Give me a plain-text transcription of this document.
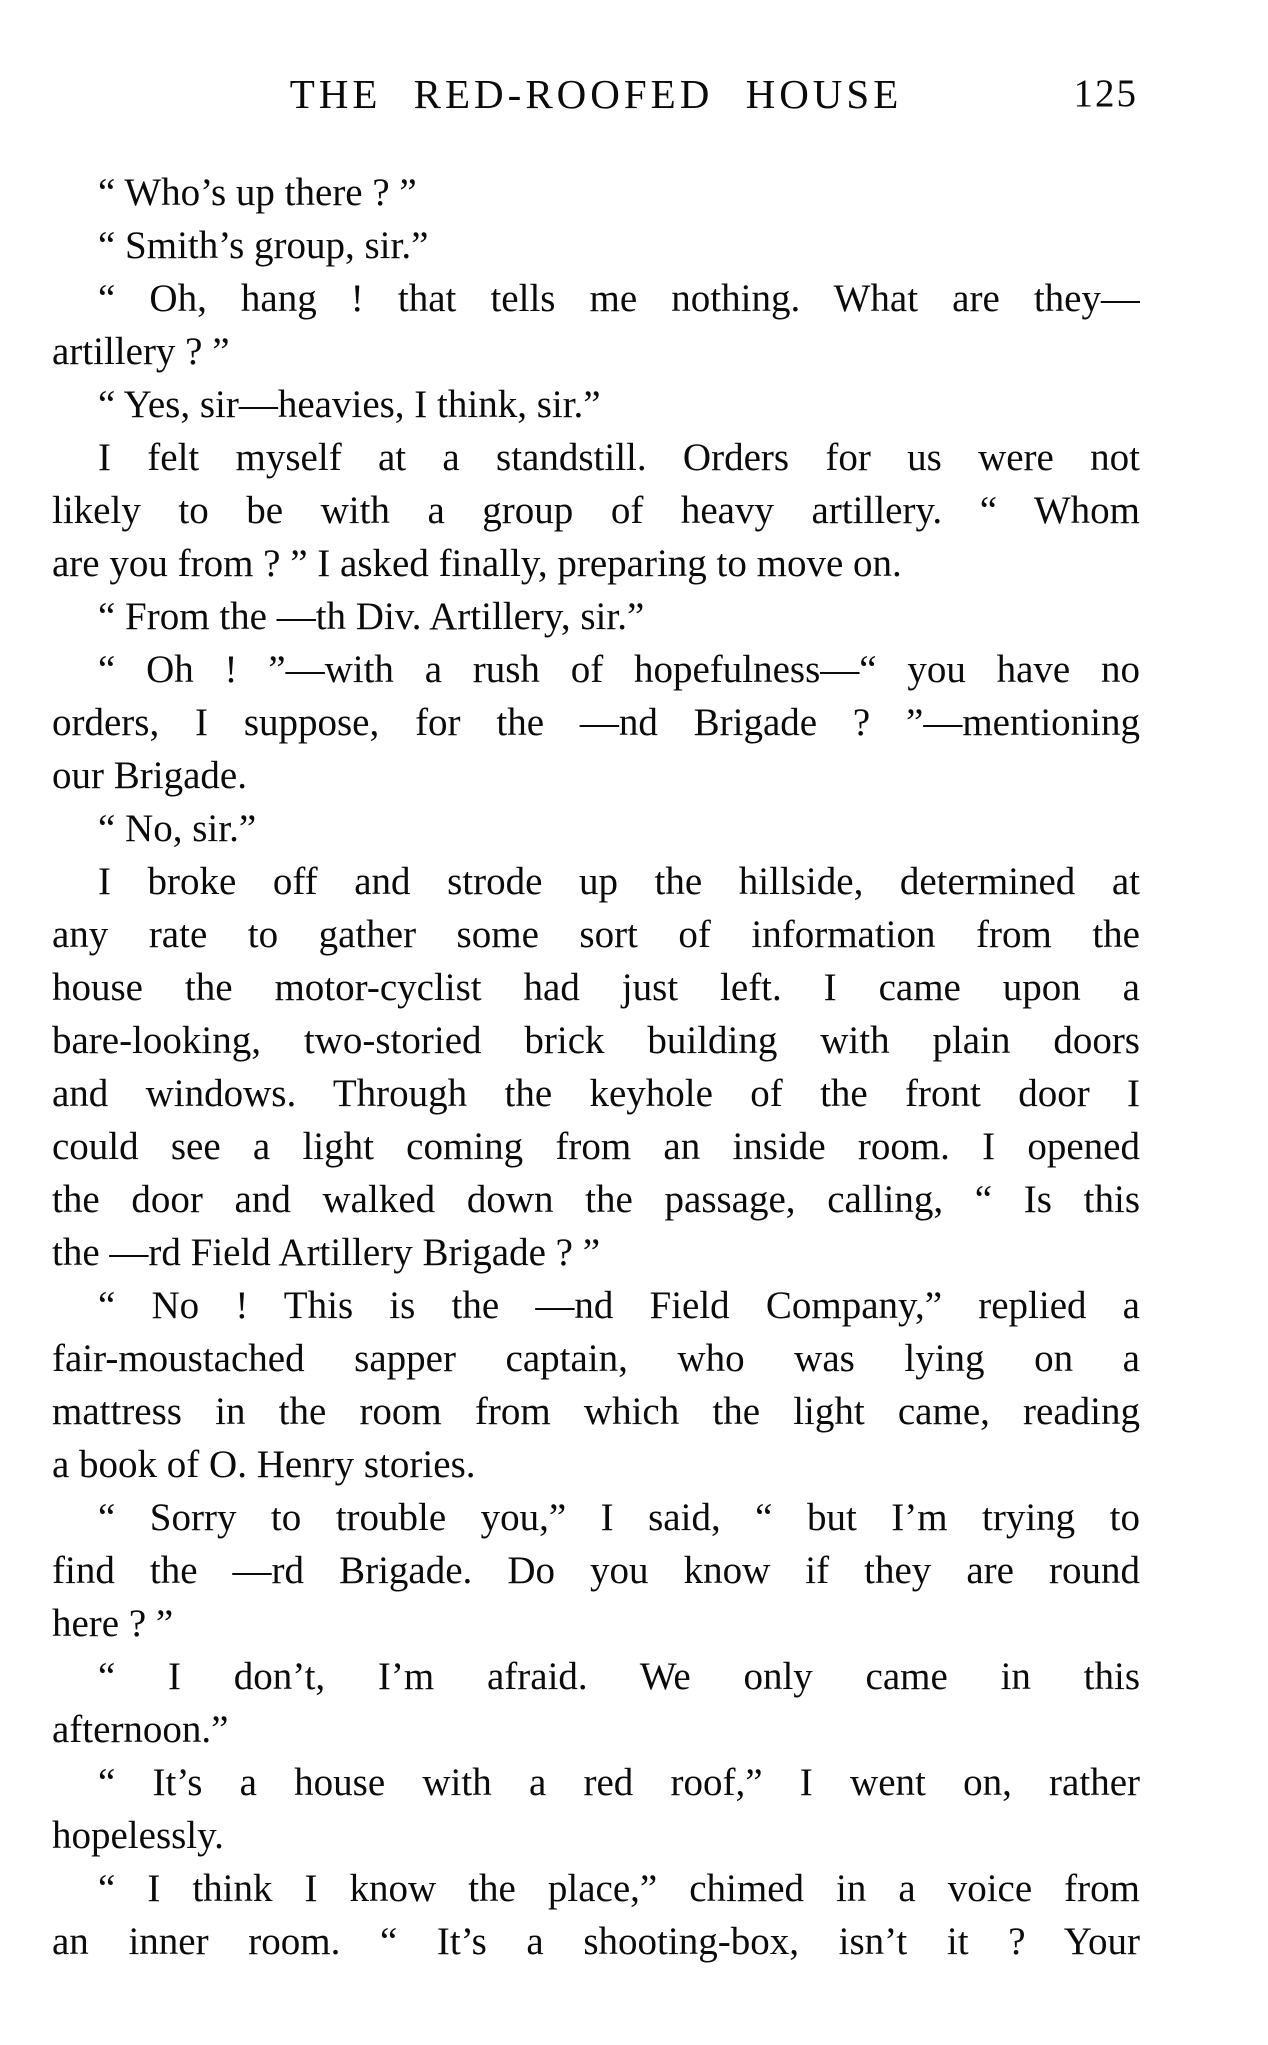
THE RED-ROOFED HOUSE	125
“ Who’s up there ? ”
“ Smith’s group, sir.”
“ Oh, hang ! that tells me nothing. What are they—
artillery ? ”
“ Yes, sir—heavies, I think, sir.”
I felt myself at a standstill. Orders for us were not
likely to be with a group of heavy artillery. “ Whom
are you from ? ” I asked finally, preparing to move on.
“ From the —th Div. Artillery, sir.”
“ Oh ! ”—with a rush of hopefulness—“ you have no
orders, I suppose, for the —nd Brigade ? ”—mentioning
our Brigade.
“ No, sir.”
I broke off and strode up the hillside, determined at
any rate to gather some sort of information from the
house the motor-cyclist had just left. I came upon a
bare-looking, two-storied brick building with plain doors
and windows. Through the keyhole of the front door I
could see a light coming from an inside room. I opened
the door and walked down the passage, calling, “ Is this
the —rd Field Artillery Brigade ? ”
“ No ! This is the —nd Field Company,” replied a
fair-moustached sapper captain, who was lying on a
mattress in the room from which the light came, reading
a book of O. Henry stories.
“ Sorry to trouble you,” I said, “ but I’m trying to
find the —rd Brigade. Do you know if they are round
here ? ”
“ I don’t, I’m afraid. We only came in this
afternoon.”
“ It’s a house with a red roof,” I went on, rather
hopelessly.
“ I think I know the place,” chimed in a voice from
an inner room. “ It’s a shooting-box, isn’t it ? Your
